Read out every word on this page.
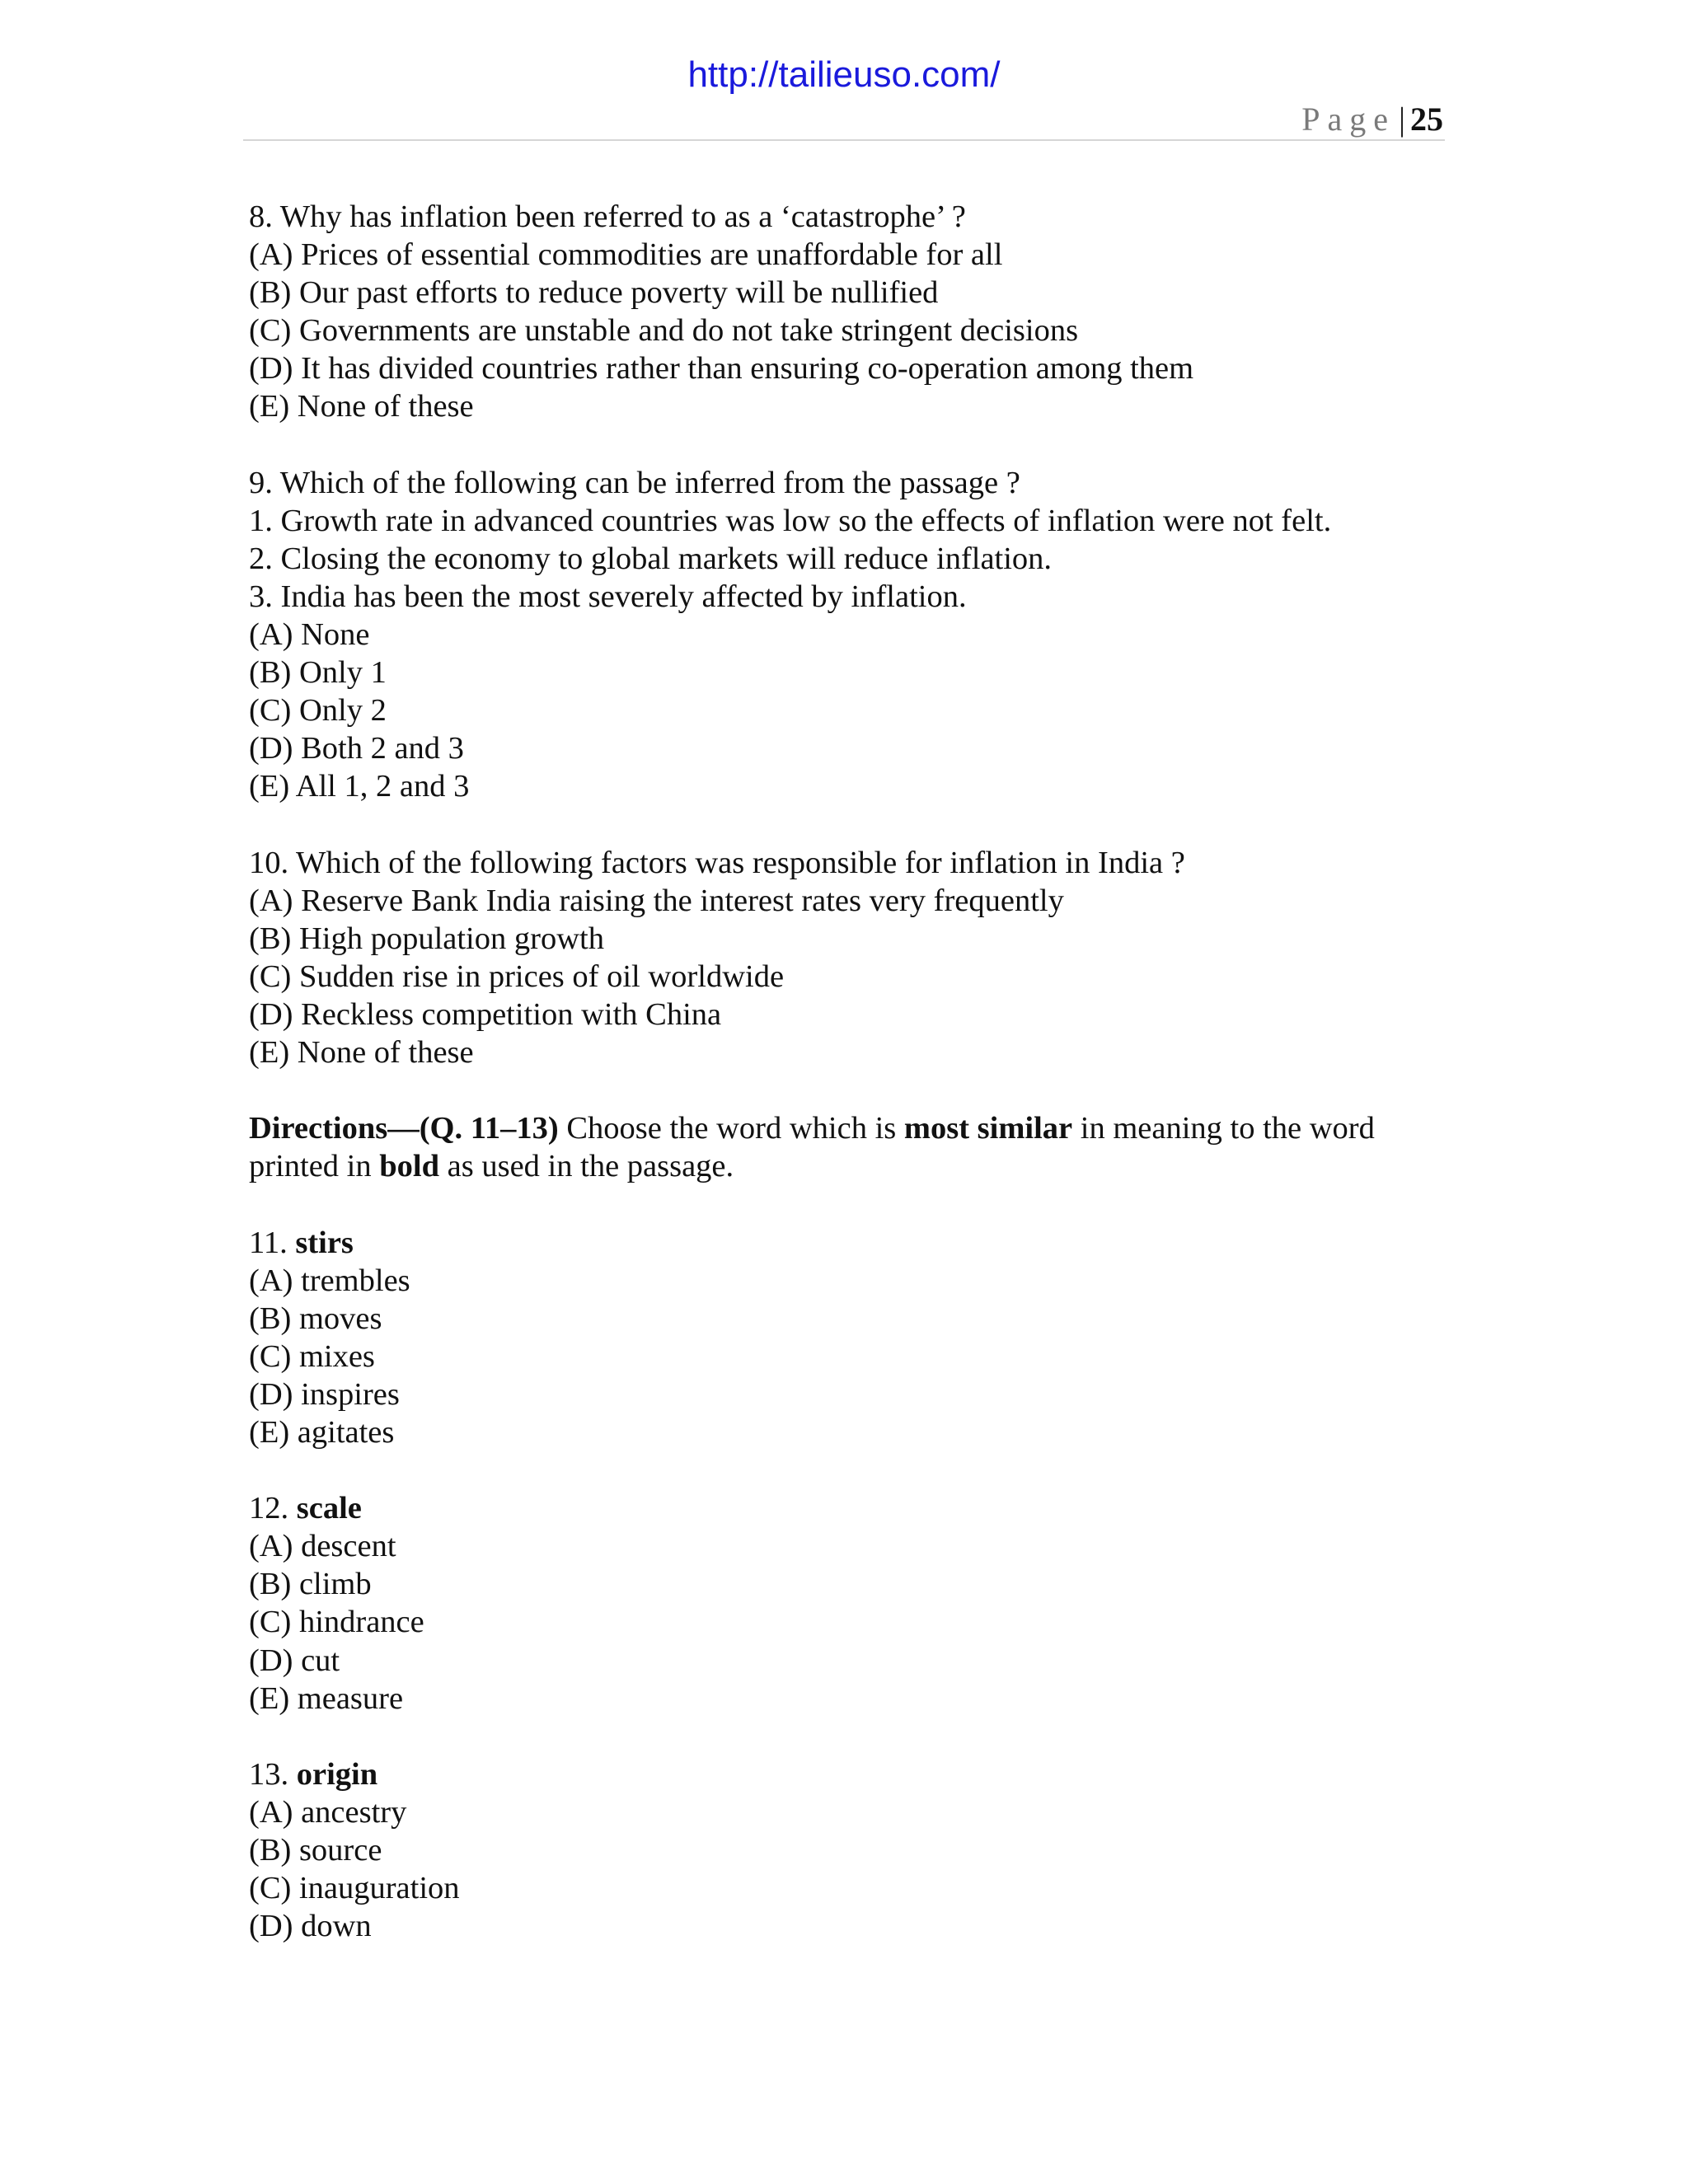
http://tailieuso.com/
Page | 25
8. Why has inflation been referred to as a ‘catastrophe’ ?
(A) Prices of essential commodities are unaffordable for all
(B) Our past efforts to reduce poverty will be nullified
(C) Governments are unstable and do not take stringent decisions
(D) It has divided countries rather than ensuring co-operation among them
(E) None of these
9. Which of the following can be inferred from the passage ?
1. Growth rate in advanced countries was low so the effects of inflation were not felt.
2. Closing the economy to global markets will reduce inflation.
3. India has been the most severely affected by inflation.
(A) None
(B) Only 1
(C) Only 2
(D) Both 2 and 3
(E) All 1, 2 and 3
10. Which of the following factors was responsible for inflation in India ?
(A) Reserve Bank India raising the interest rates very frequently
(B) High population growth
(C) Sudden rise in prices of oil worldwide
(D) Reckless competition with China
(E) None of these
Directions—(Q. 11–13) Choose the word which is most similar in meaning to the word printed in bold as used in the passage.
11. stirs
(A) trembles
(B) moves
(C) mixes
(D) inspires
(E) agitates
12. scale
(A) descent
(B) climb
(C) hindrance
(D) cut
(E) measure
13. origin
(A) ancestry
(B) source
(C) inauguration
(D) down
